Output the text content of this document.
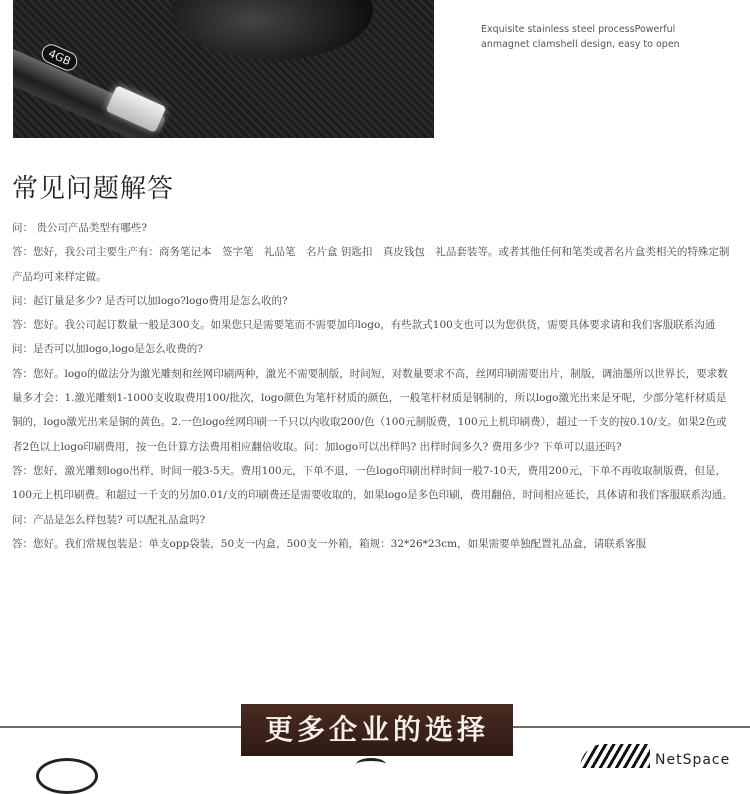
4GB
Exquisite stainless steel processPowerful anmagnet clamshell design, easy to open
常见问题解答

问： 贵公司产品类型有哪些?

答：您好，我公司主要生产有：商务笔记本　签字笔　礼品笔　名片盒 钥匙扣　真皮钱包　礼品套装等。或者其他任何和笔类或者名片盒类相关的特殊定制产品均可来样定做。

问：起订量是多少? 是否可以加logo?logo费用是怎么收的?

答：您好。我公司起订数量一般是300支。如果您只是需要笔而不需要加印logo，有些款式100支也可以为您供货，需要具体要求请和我们客服联系沟通

问：是否可以加logo,logo是怎么收费的?

答：您好。logo的做法分为激光雕刻和丝网印刷两种，激光不需要制版，时间短，对数量要求不高，丝网印刷需要出片，制版，调油墨所以世界长，要求数量多才会：1.激光雕刻1-1000支收取费用100/批次，logo颜色为笔杆材质的颜色，一般笔杆材质是钢制的，所以logo激光出来是牙呢，少部分笔杆材质是铜的，logo激光出来是铜的黄色。2.一色logo丝网印刷一千只以内收取200/色（100元制版费，100元上机印刷费），超过一千支的按0.10/支。如果2色或者2色以上logo印刷费用，按一色计算方法费用相应翻倍收取。问：加logo可以出样吗? 出样时间多久? 费用多少? 下单可以退还吗?

答：您好，激光雕刻logo出样，时间一般3-5天。费用100元，下单不退，一色logo印刷出样时间一般7-10天，费用200元，下单不再收取制版费，但是，100元上机印刷费。和超过一千支的另加0.01/支的印刷费还是需要收取的，如果logo是多色印刷，费用翻倍，时间相应延长，具体请和我们客服联系沟通。

问：产品是怎么样包装? 可以配礼品盒吗?

答：您好。我们常规包装是：单支opp袋装，50支一内盒，500支一外箱，箱规：32*26*23cm，如果需要单独配置礼品盒，请联系客服

更多企业的选择
NetSpace
